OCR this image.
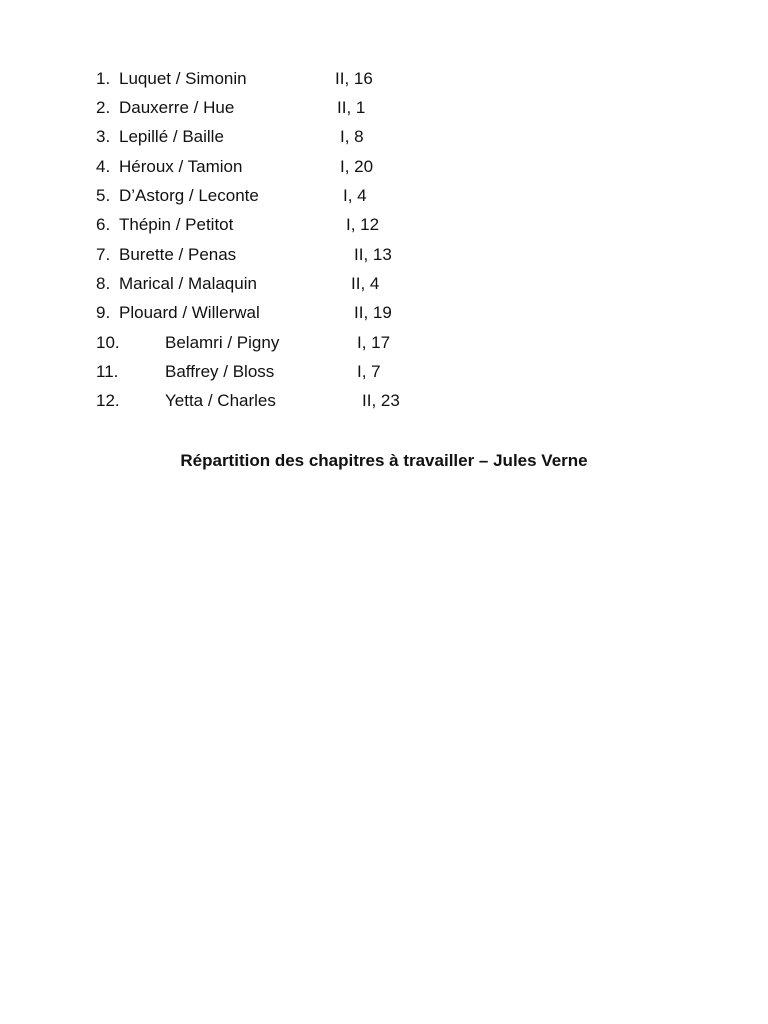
1. Luquet / Simonin	II, 16
2. Dauxerre / Hue	II, 1
3. Lepillé / Baille	I, 8
4. Héroux / Tamion	I, 20
5. D’Astorg / Leconte	I, 4
6. Thépin / Petitot	I, 12
7. Burette / Penas	II, 13
8. Marical / Malaquin	II, 4
9. Plouard / Willerwal	II, 19
10.	Belamri / Pigny	I, 17
11.	Baffrey / Bloss	I, 7
12.	Yetta / Charles	II, 23
Répartition des chapitres à travailler – Jules Verne
